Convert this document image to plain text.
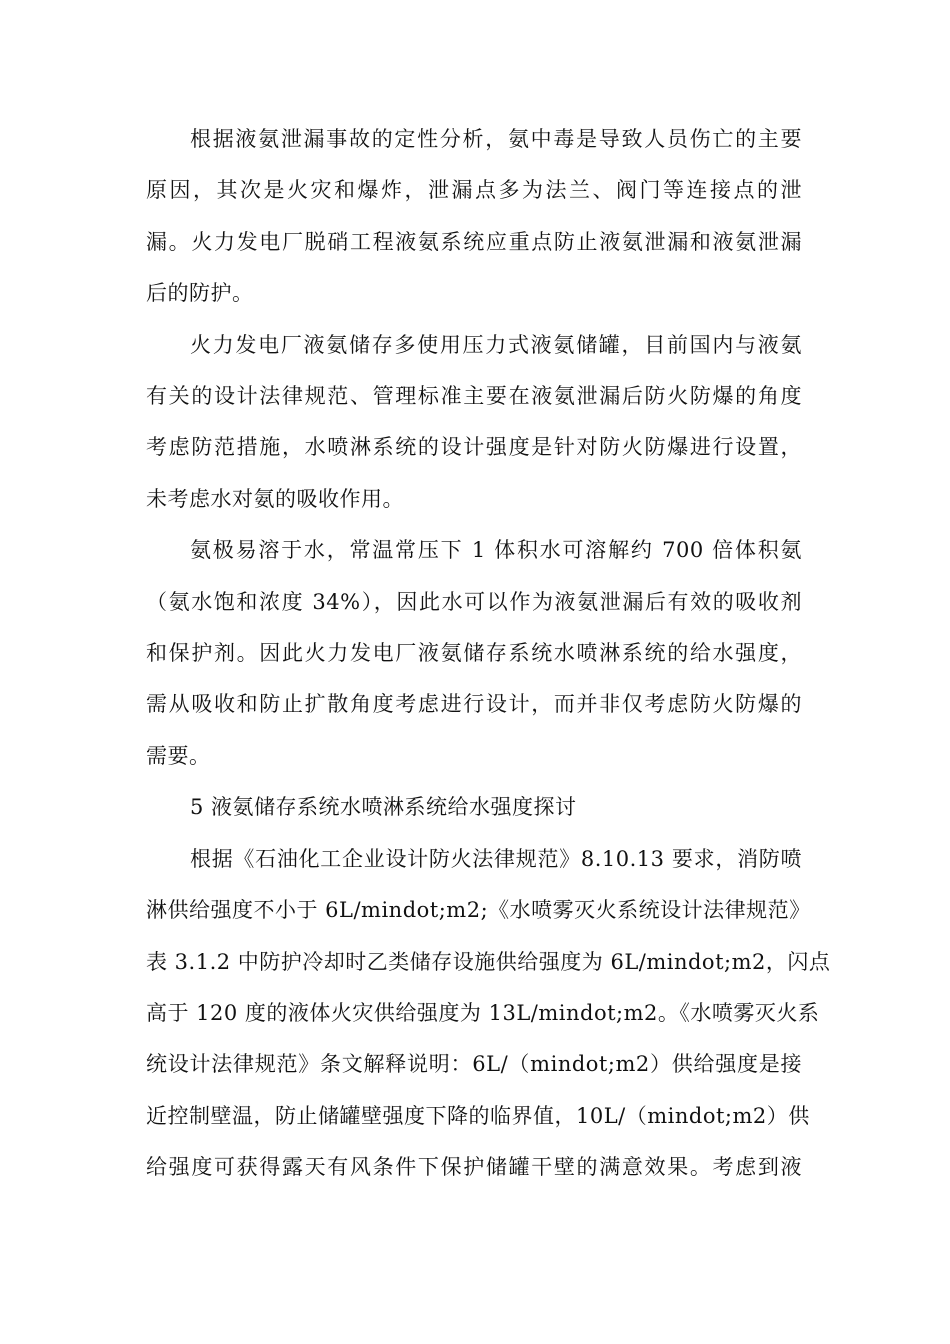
根据液氨泄漏事故的定性分析，氨中毒是导致人员伤亡的主要
原因，其次是火灾和爆炸，泄漏点多为法兰、阀门等连接点的泄
漏。火力发电厂脱硝工程液氨系统应重点防止液氨泄漏和液氨泄漏
后的防护。
火力发电厂液氨储存多使用压力式液氨储罐，目前国内与液氨
有关的设计法律规范、管理标准主要在液氨泄漏后防火防爆的角度
考虑防范措施，水喷淋系统的设计强度是针对防火防爆进行设置，
未考虑水对氨的吸收作用。
氨极易溶于水，常温常压下 1 体积水可溶解约 700 倍体积氨
（氨水饱和浓度 34%），因此水可以作为液氨泄漏后有效的吸收剂
和保护剂。因此火力发电厂液氨储存系统水喷淋系统的给水强度，
需从吸收和防止扩散角度考虑进行设计，而并非仅考虑防火防爆的
需要。
5 液氨储存系统水喷淋系统给水强度探讨
根据《石油化工企业设计防火法律规范》8.10.13 要求，消防喷
淋供给强度不小于 6L/mindot;m2;《水喷雾灭火系统设计法律规范》
表 3.1.2 中防护冷却时乙类储存设施供给强度为 6L/mindot;m2，闪点
高于 120 度的液体火灾供给强度为 13L/mindot;m2。《水喷雾灭火系
统设计法律规范》条文解释说明：6L/（mindot;m2）供给强度是接
近控制壁温，防止储罐壁强度下降的临界值，10L/（mindot;m2）供
给强度可获得露天有风条件下保护储罐干壁的满意效果。考虑到液
